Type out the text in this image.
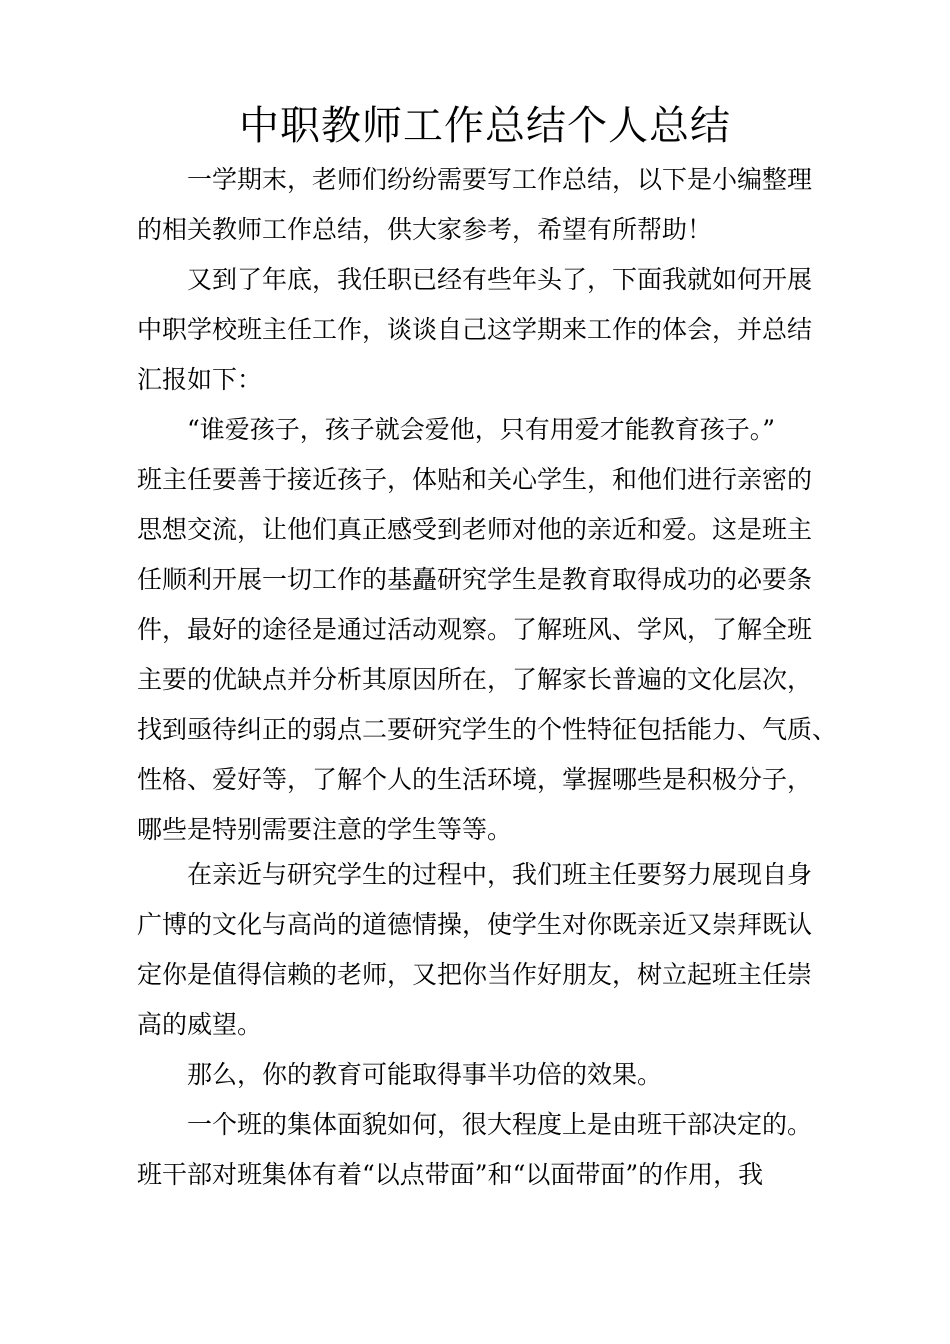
中职教师工作总结个人总结
　　一学期末，老师们纷纷需要写工作总结，以下是小编整理
的相关教师工作总结，供大家参考，希望有所帮助！
　　又到了年底，我任职已经有些年头了，下面我就如何开展
中职学校班主任工作，谈谈自己这学期来工作的体会，并总结
汇报如下：
　　“谁爱孩子，孩子就会爱他，只有用爱才能教育孩子。”
班主任要善于接近孩子，体贴和关心学生，和他们进行亲密的
思想交流，让他们真正感受到老师对他的亲近和爱。这是班主
任顺利开展一切工作的基矗研究学生是教育取得成功的必要条
件，最好的途径是通过活动观察。了解班风、学风，了解全班
主要的优缺点并分析其原因所在，了解家长普遍的文化层次，
找到亟待纠正的弱点二要研究学生的个性特征包括能力、气质、
性格、爱好等，了解个人的生活环境，掌握哪些是积极分子，
哪些是特别需要注意的学生等等。
　　在亲近与研究学生的过程中，我们班主任要努力展现自身
广博的文化与高尚的道德情操，使学生对你既亲近又崇拜既认
定你是值得信赖的老师，又把你当作好朋友，树立起班主任崇
高的威望。
　　那么，你的教育可能取得事半功倍的效果。
　　一个班的集体面貌如何，很大程度上是由班干部决定的。
班干部对班集体有着“以点带面”和“以面带面”的作用，我
